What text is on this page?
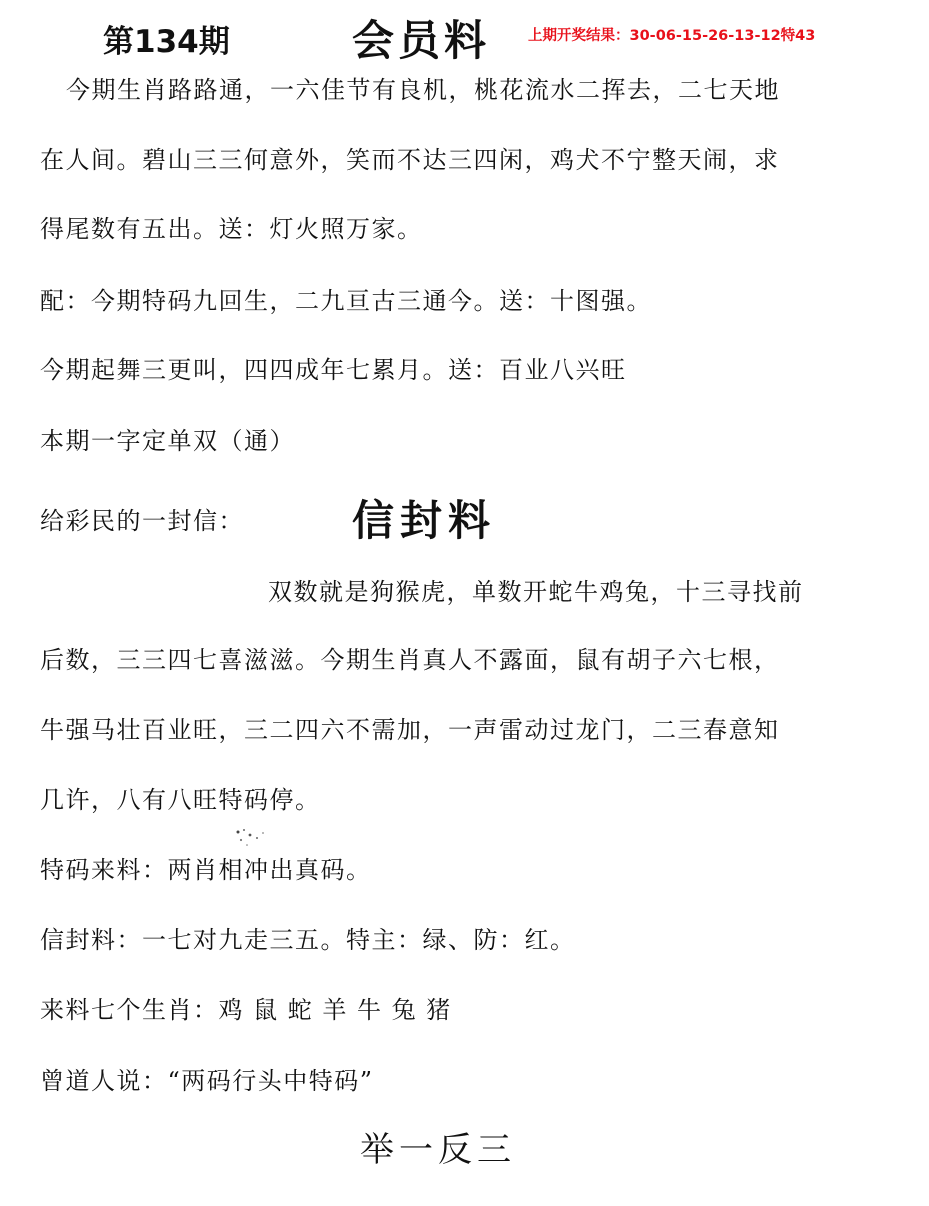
第134期	会员料	上期开奖结果：30-06-15-26-13-12特43
今期生肖路路通，一六佳节有良机，桃花流水二挥去，二七天地
在人间。碧山三三何意外，笑而不达三四闲，鸡犬不宁整天闹，求
得尾数有五出。送：灯火照万家。
配：今期特码九回生，二九亘古三通今。送：十图强。
今期起舞三更叫，四四成年七累月。送：百业八兴旺
本期一字定单双（通）
给彩民的一封信：	信封料
双数就是狗猴虎，单数开蛇牛鸡兔，十三寻找前
后数，三三四七喜滋滋。今期生肖真人不露面，鼠有胡子六七根，
牛强马壮百业旺，三二四六不需加，一声雷动过龙门，二三春意知
几许，八有八旺特码停。
特码来料：两肖相冲出真码。
信封料：一七对九走三五。特主：绿、防：红。
来料七个生肖：鸡 鼠 蛇 羊 牛 兔 猪
曾道人说：“两码行头中特码”
举一反三
